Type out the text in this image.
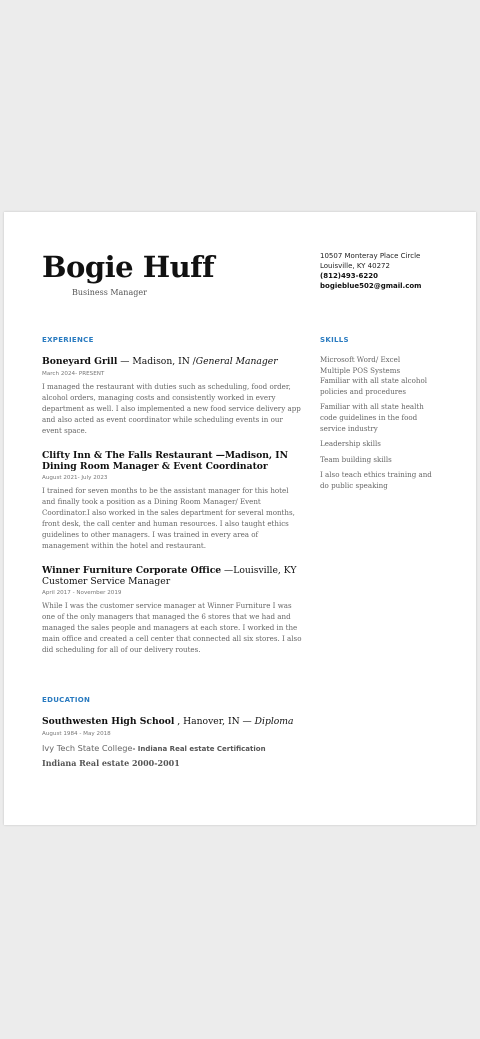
Bogie Huff
Business Manager
10507 Monteray Place Circle
Louisville, KY 40272
(812)493-6220
bogieblue502@gmail.com
EXPERIENCE
Boneyard Grill — Madison, IN /General Manager
March 2024- PRESENT
I managed the restaurant with duties such as scheduling, food order, alcohol orders, managing costs and consistently worked in every department as well. I also implemented a new food service delivery app and also acted as event coordinator while scheduling events in our event space.
Clifty Inn & The Falls Restaurant —Madison, IN
Dining Room Manager & Event Coordinator
August 2021- July 2023
I trained for seven months to be the assistant manager for this hotel and finally took a position as a Dining Room Manager/ Event Coordinator.I also worked in the sales department for several months, front desk, the call center and human resources. I also taught ethics guidelines to other managers. I was trained in every area of management within the hotel and restaurant.
Winner Furniture Corporate Office —Louisville, KY
Customer Service Manager
April 2017 - November 2019
While I was the customer service manager at Winner Furniture I was one of the only managers that managed the 6 stores that we had and managed the sales people and managers at each store. I worked in the main office and created a cell center that connected all six stores. I also did scheduling for all of our delivery routes.
SKILLS
Microsoft Word/ Excel Multiple POS Systems Familiar with all state alcohol policies and procedures
Familiar with all state health code guidelines in the food service industry
Leadership skills
Team building skills
I also teach ethics training and do public speaking
EDUCATION
Southwesten High School , Hanover, IN — Diploma
August 1984 - May 2018
Ivy Tech State College- Indiana Real estate Certification
Indiana Real estate 2000-2001
